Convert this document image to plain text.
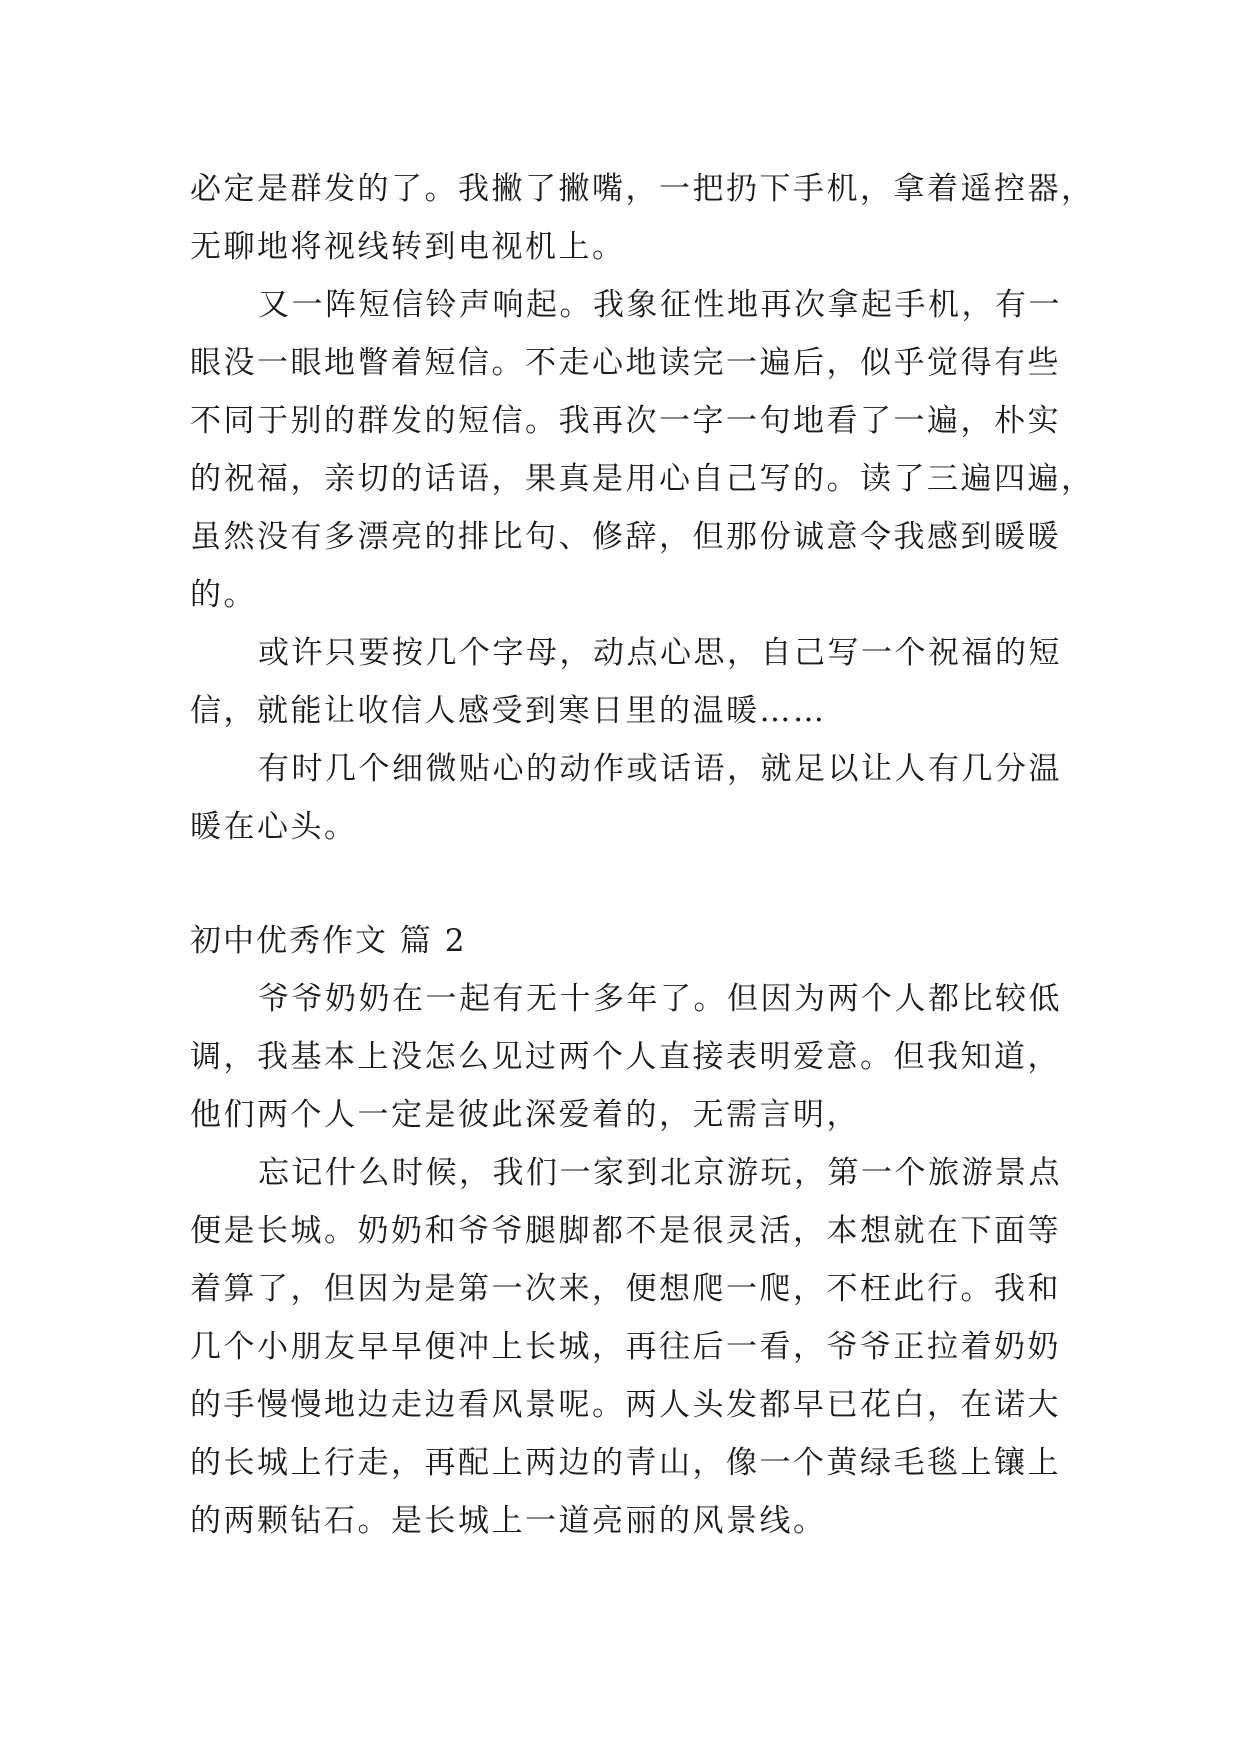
必定是群发的了。我撇了撇嘴，一把扔下手机，拿着遥控器，
无聊地将视线转到电视机上。
又一阵短信铃声响起。我象征性地再次拿起手机，有一
眼没一眼地瞥着短信。不走心地读完一遍后，似乎觉得有些
不同于别的群发的短信。我再次一字一句地看了一遍，朴实
的祝福，亲切的话语，果真是用心自己写的。读了三遍四遍，
虽然没有多漂亮的排比句、修辞，但那份诚意令我感到暖暖
的。
或许只要按几个字母，动点心思，自己写一个祝福的短
信，就能让收信人感受到寒日里的温暖……
有时几个细微贴心的动作或话语，就足以让人有几分温
暖在心头。
初中优秀作文 篇 2
爷爷奶奶在一起有无十多年了。但因为两个人都比较低
调，我基本上没怎么见过两个人直接表明爱意。但我知道，
他们两个人一定是彼此深爱着的，无需言明，
忘记什么时候，我们一家到北京游玩，第一个旅游景点
便是长城。奶奶和爷爷腿脚都不是很灵活，本想就在下面等
着算了，但因为是第一次来，便想爬一爬，不枉此行。我和
几个小朋友早早便冲上长城，再往后一看，爷爷正拉着奶奶
的手慢慢地边走边看风景呢。两人头发都早已花白，在诺大
的长城上行走，再配上两边的青山，像一个黄绿毛毯上镶上
的两颗钻石。是长城上一道亮丽的风景线。
